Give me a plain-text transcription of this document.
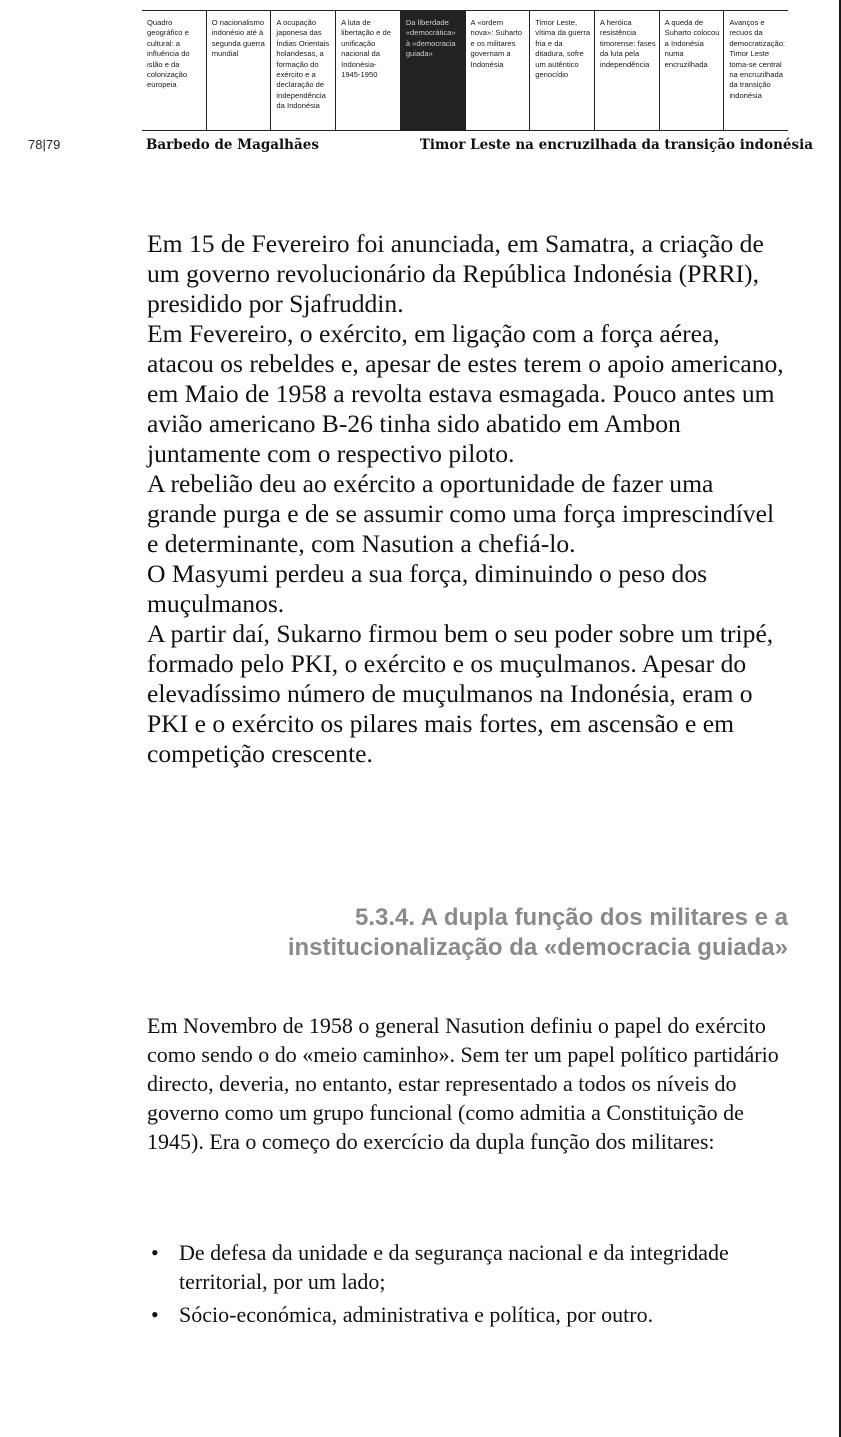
Quadro geográfico e cultural: a influência do islão e da colonização europeia
O nacionalismo indonésio até à segunda guerra mundial
A ocupação japonesa das Índias Orientais holandesas, a formação do exército e a declaração de independência da Indonésia
A luta de libertação e de unificação nacional da Indonésia- 1945-1950
Da liberdade «democrática» à «democracia guiada»
A «ordem nova»: Suharto e os militares governam a Indonésia
Timor Leste, vítima da guerra fria e da ditadura, sofre um autêntico genocídio
A heróica resistência timorense: fases da luta pela independência
A queda de Suharto colocou a Indonésia numa encruzilhada
Avanços e recuos da democratização: Timor Leste toma-se central na encruzilhada da transição indonésia
78|79	Barbedo de Magalhães	Timor Leste na encruzilhada da transição indonésia

Em 15 de Fevereiro foi anunciada, em Samatra, a criação de um governo revolucionário da República Indonésia (PRRI), presidido por Sjafruddin.

Em Fevereiro, o exército, em ligação com a força aérea, atacou os rebeldes e, apesar de estes terem o apoio americano, em Maio de 1958 a revolta estava esmagada. Pouco antes um avião americano B-26 tinha sido abatido em Ambon juntamente com o respectivo piloto.

A rebelião deu ao exército a oportunidade de fazer uma grande purga e de se assumir como uma força imprescindível e determinante, com Nasution a chefiá-lo.

O Masyumi perdeu a sua força, diminuindo o peso dos muçulmanos.

A partir daí, Sukarno firmou bem o seu poder sobre um tripé, formado pelo PKI, o exército e os muçulmanos. Apesar do elevadíssimo número de muçulmanos na Indonésia, eram o PKI e o exército os pilares mais fortes, em ascensão e em competição crescente.

5.3.4. A dupla função dos militares e a institucionalização da «democracia guiada»

Em Novembro de 1958 o general Nasution definiu o papel do exército como sendo o do «meio caminho». Sem ter um papel político partidário directo, deveria, no entanto, estar representado a todos os níveis do governo como um grupo funcional (como admitia a Constituição de 1945). Era o começo do exercício da dupla função dos militares:

• De defesa da unidade e da segurança nacional e da integridade territorial, por um lado;
• Sócio-económica, administrativa e política, por outro.
